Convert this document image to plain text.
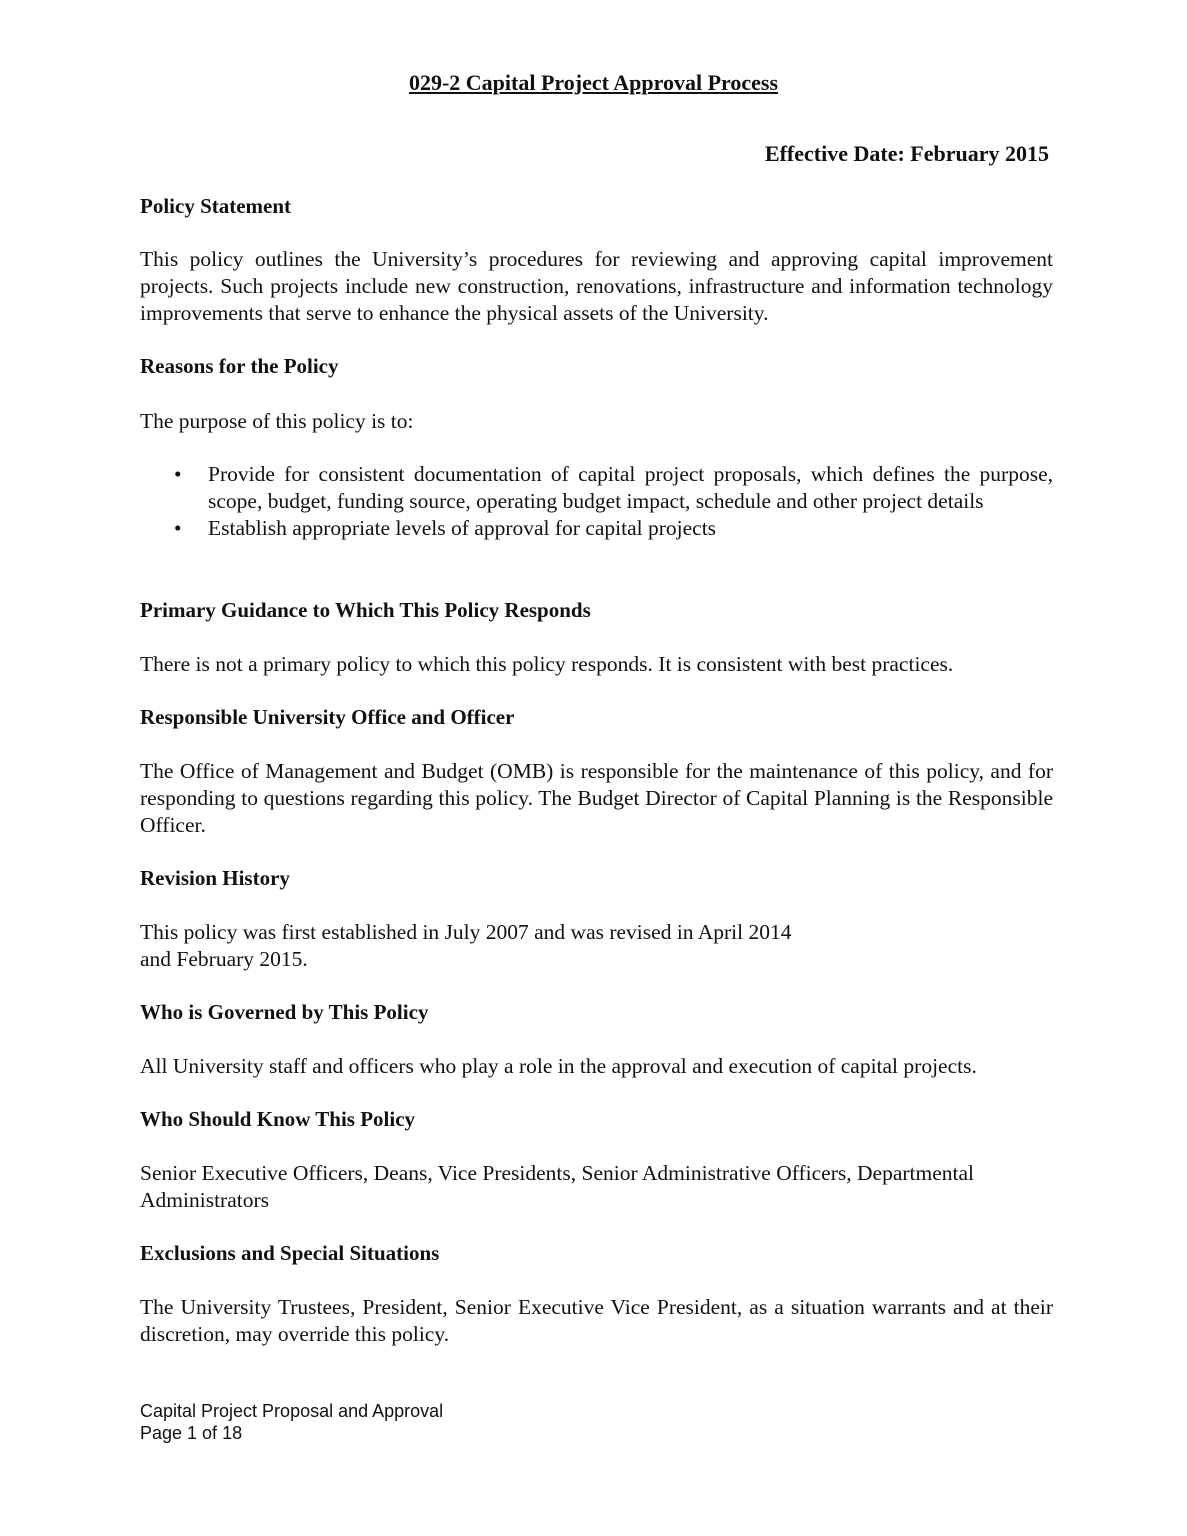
029-2 Capital Project Approval Process
Effective Date: February 2015
Policy Statement
This policy outlines the University’s procedures for reviewing and approving capital improvement projects. Such projects include new construction, renovations, infrastructure and information technology improvements that serve to enhance the physical assets of the University.
Reasons for the Policy
The purpose of this policy is to:
• Provide for consistent documentation of capital project proposals, which defines the purpose, scope, budget, funding source, operating budget impact, schedule and other project details
• Establish appropriate levels of approval for capital projects
Primary Guidance to Which This Policy Responds
There is not a primary policy to which this policy responds. It is consistent with best practices.
Responsible University Office and Officer
The Office of Management and Budget (OMB) is responsible for the maintenance of this policy, and for responding to questions regarding this policy. The Budget Director of Capital Planning is the Responsible Officer.
Revision History
This policy was first established in July 2007 and was revised in April 2014
and February 2015.
Who is Governed by This Policy
All University staff and officers who play a role in the approval and execution of capital projects.
Who Should Know This Policy
Senior Executive Officers, Deans, Vice Presidents, Senior Administrative Officers, Departmental Administrators
Exclusions and Special Situations
The University Trustees, President, Senior Executive Vice President, as a situation warrants and at their discretion, may override this policy.
Capital Project Proposal and Approval
Page 1 of 18
